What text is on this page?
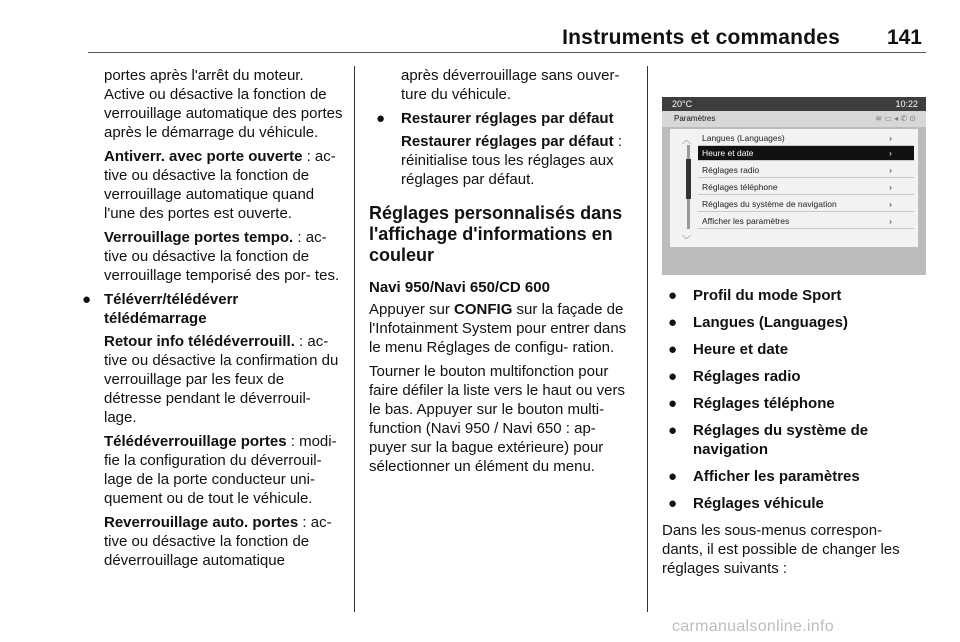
Instruments et commandes	141

portes après l'arrêt du moteur. Active ou désactive la fonction de verrouillage automatique des portes après le démarrage du véhicule.

Antiverr. avec porte ouverte : ac- tive ou désactive la fonction de verrouillage automatique quand l'une des portes est ouverte.

Verrouillage portes tempo. : ac- tive ou désactive la fonction de verrouillage temporisé des por- tes.

● Téléverr/télédéverr télédémarrage

Retour info télédéverrouill. : ac- tive ou désactive la confirmation du verrouillage par les feux de détresse pendant le déverrouil- lage.

Télédéverrouillage portes : modi- fie la configuration du déverrouil- lage de la porte conducteur uni- quement ou de tout le véhicule.

Reverrouillage auto. portes : ac- tive ou désactive la fonction de déverrouillage automatique

après déverrouillage sans ouver- ture du véhicule.

● Restaurer réglages par défaut

Restaurer réglages par défaut : réinitialise tous les réglages aux réglages par défaut.

Réglages personnalisés dans l'affichage d'informations en couleur
Navi 950/Navi 650/CD 600

Appuyer sur CONFIG sur la façade de l'Infotainment System pour entrer dans le menu Réglages de configu- ration.

Tourner le bouton multifonction pour faire défiler la liste vers le haut ou vers le bas. Appuyer sur le bouton multi- function (Navi 950 / Navi 650 : ap- puyer sur la bague extérieure) pour sélectionner un élément du menu.

20°C	10:22
Paramètres	≋ ▭ ◂ ✆ ⊙
︿
﹀
Langues (Languages)	›
Heure et date	›
Réglages radio	›
Réglages téléphone	›
Réglages du système de navigation	›
Afficher les paramètres	›
● Profil du mode Sport
● Langues (Languages)
● Heure et date
● Réglages radio
● Réglages téléphone
● Réglages du système de navigation
● Afficher les paramètres
● Réglages véhicule

Dans les sous-menus correspon- dants, il est possible de changer les réglages suivants :

carmanualsonline.info
